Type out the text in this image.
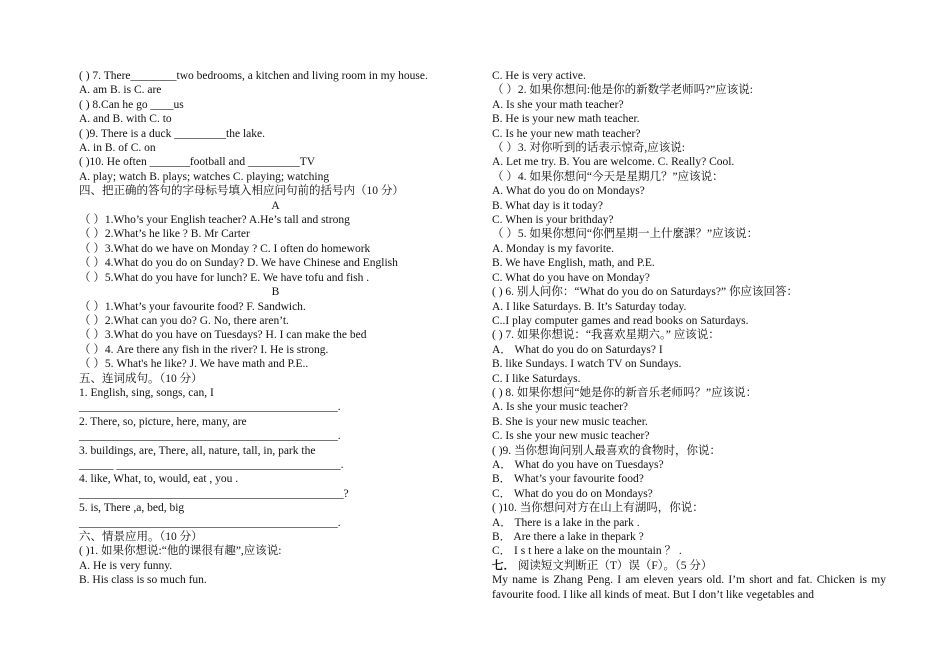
( ) 7. There________two bedrooms, a kitchen and living room in my house.
A. am B. is C. are
( ) 8.Can he go ____us
A. and B. with C. to
( )9. There is a duck _________the lake.
A. in B. of C. on
( )10. He often _______football and _________TV
A. play; watch B. plays; watches C. playing; watching
四、把正确的答句的字母标号填入相应问句前的括号内（10 分）
A
（ ）1.Who’s your English teacher? A.He’s tall and strong
（ ）2.What’s he like ? B. Mr Carter
（ ）3.What do we have on Monday ? C. I often do homework
（ ）4.What do you do on Sunday? D. We have Chinese and English
（ ）5.What do you have for lunch? E. We have tofu and fish .
B
（ ）1.What’s your favourite food? F. Sandwich.
（ ）2.What can you do? G. No, there aren’t.
（ ）3.What do you have on Tuesdays? H. I can make the bed
（ ）4. Are there any fish in the river? I. He is strong.
（ ）5. What's he like? J. We have math and P.E..
五、连词成句。（10 分）
1. English, sing, songs, can, I
_____________________________________________.
2. There, so, picture, here, many, are
_____________________________________________.
3. buildings, are, There, all, nature, tall, in, park the
______ _______________________________________.
4. like, What, to, would, eat , you .
______________________________________________?
5. is, There ,a, bed, big
_____________________________________________.
六、情景应用。（10 分）
( )1. 如果你想说:“他的课很有趣”,应该说:
A. He is very funny.
B. His class is so much fun.
C. He is very active.
（ ）2. 如果你想问:他是你的新数学老师吗?”应该说:
A. Is she your math teacher?
B. He is your new math teacher.
C. Is he your new math teacher?
（ ）3. 对你听到的话表示惊奇,应该说:
A. Let me try. B. You are welcome. C. Really? Cool.
（ ）4. 如果你想问“今天是星期几？”应该说：
A. What do you do on Mondays?
B. What day is it today?
C. When is your brithday?
（ ）5. 如果你想问“你們星期一上什麼課？”应该说：
A. Monday is my favorite.
B. We have English, math, and P.E.
C. What do you have on Monday?
( ) 6. 别人问你：“What do you do on Saturdays?” 你应该回答：
A. I like Saturdays. B. It’s Saturday today.
C..I play computer games and read books on Saturdays.
( ) 7. 如果你想说：“我喜欢星期六。” 应该说：
A． What do you do on Saturdays? I
B. like Sundays. I watch TV on Sundays.
C. I like Saturdays.
( ) 8. 如果你想问“她是你的新音乐老师吗？”应该说：
A. Is she your music teacher?
B. She is your new music teacher.
C. Is she your new music teacher?
( )9. 当你想询问别人最喜欢的食物时，你说：
A． What do you have on Tuesdays?
B． What’s your favourite food?
C． What do you do on Mondays?
( )10. 当你想问对方在山上有湖吗，你说：
A． There is a lake in the park .
B． Are there a lake in thepark ?
C． I s t here a lake on the mountain ？ .
七． 阅读短文判断正（T）误（F）。（5 分）
My name is Zhang Peng. I am eleven years old. I’m short and fat. Chicken is my favourite food. I like all kinds of meat. But I don’t like vegetables and
